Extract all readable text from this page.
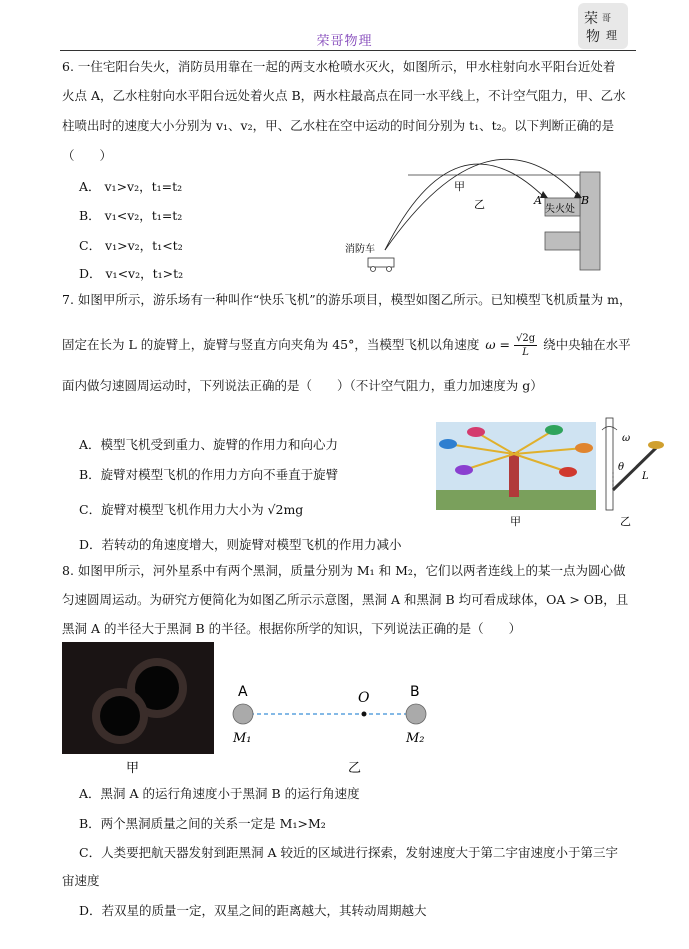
荣哥物理
荣 哥
物 理
6. 一住宅阳台失火，消防员用靠在一起的两支水枪喷水灭火，如图所示，甲水柱射向水平阳台近处着
火点 A，乙水柱射向水平阳台远处着火点 B，两水柱最高点在同一水平线上，不计空气阻力，甲、乙水
柱喷出时的速度大小分别为 v₁、v₂，甲、乙水柱在空中运动的时间分别为 t₁、t₂。以下判断正确的是
（　　）
A． v₁>v₂，t₁=t₂
B． v₁<v₂，t₁=t₂
C． v₁>v₂，t₁<t₂
D． v₁<v₂，t₁>t₂
甲
乙	A	B
失火处
消防车
7. 如图甲所示，游乐场有一种叫作“快乐飞机”的游乐项目，模型如图乙所示。已知模型飞机质量为 m，
固定在长为 L 的旋臂上，旋臂与竖直方向夹角为 45°，当模型飞机以角速度 $\omega = \frac{√2g}{L}$ 绕中央轴在水平
面内做匀速圆周运动时，下列说法正确的是（　　）（不计空气阻力，重力加速度为 g）
A．模型飞机受到重力、旋臂的作用力和向心力
B．旋臂对模型飞机的作用力方向不垂直于旋臂
C．旋臂对模型飞机作用力大小为 √2mg
D．若转动的角速度增大，则旋臂对模型飞机的作用力减小
甲
ω
θ
L
乙
8. 如图甲所示，河外星系中有两个黑洞，质量分别为 M₁ 和 M₂，它们以两者连线上的某一点为圆心做
匀速圆周运动。为研究方便简化为如图乙所示示意图，黑洞 A 和黑洞 B 均可看成球体，OA > OB，且
黑洞 A 的半径大于黑洞 B 的半径。根据你所学的知识，下列说法正确的是（　　）
甲
A	O	B
M₁	M₂
乙
A．黑洞 A 的运行角速度小于黑洞 B 的运行角速度
B．两个黑洞质量之间的关系一定是 M₁>M₂
C．人类要把航天器发射到距黑洞 A 较近的区域进行探索，发射速度大于第二宇宙速度小于第三宇
宙速度
D．若双星的质量一定，双星之间的距离越大，其转动周期越大
